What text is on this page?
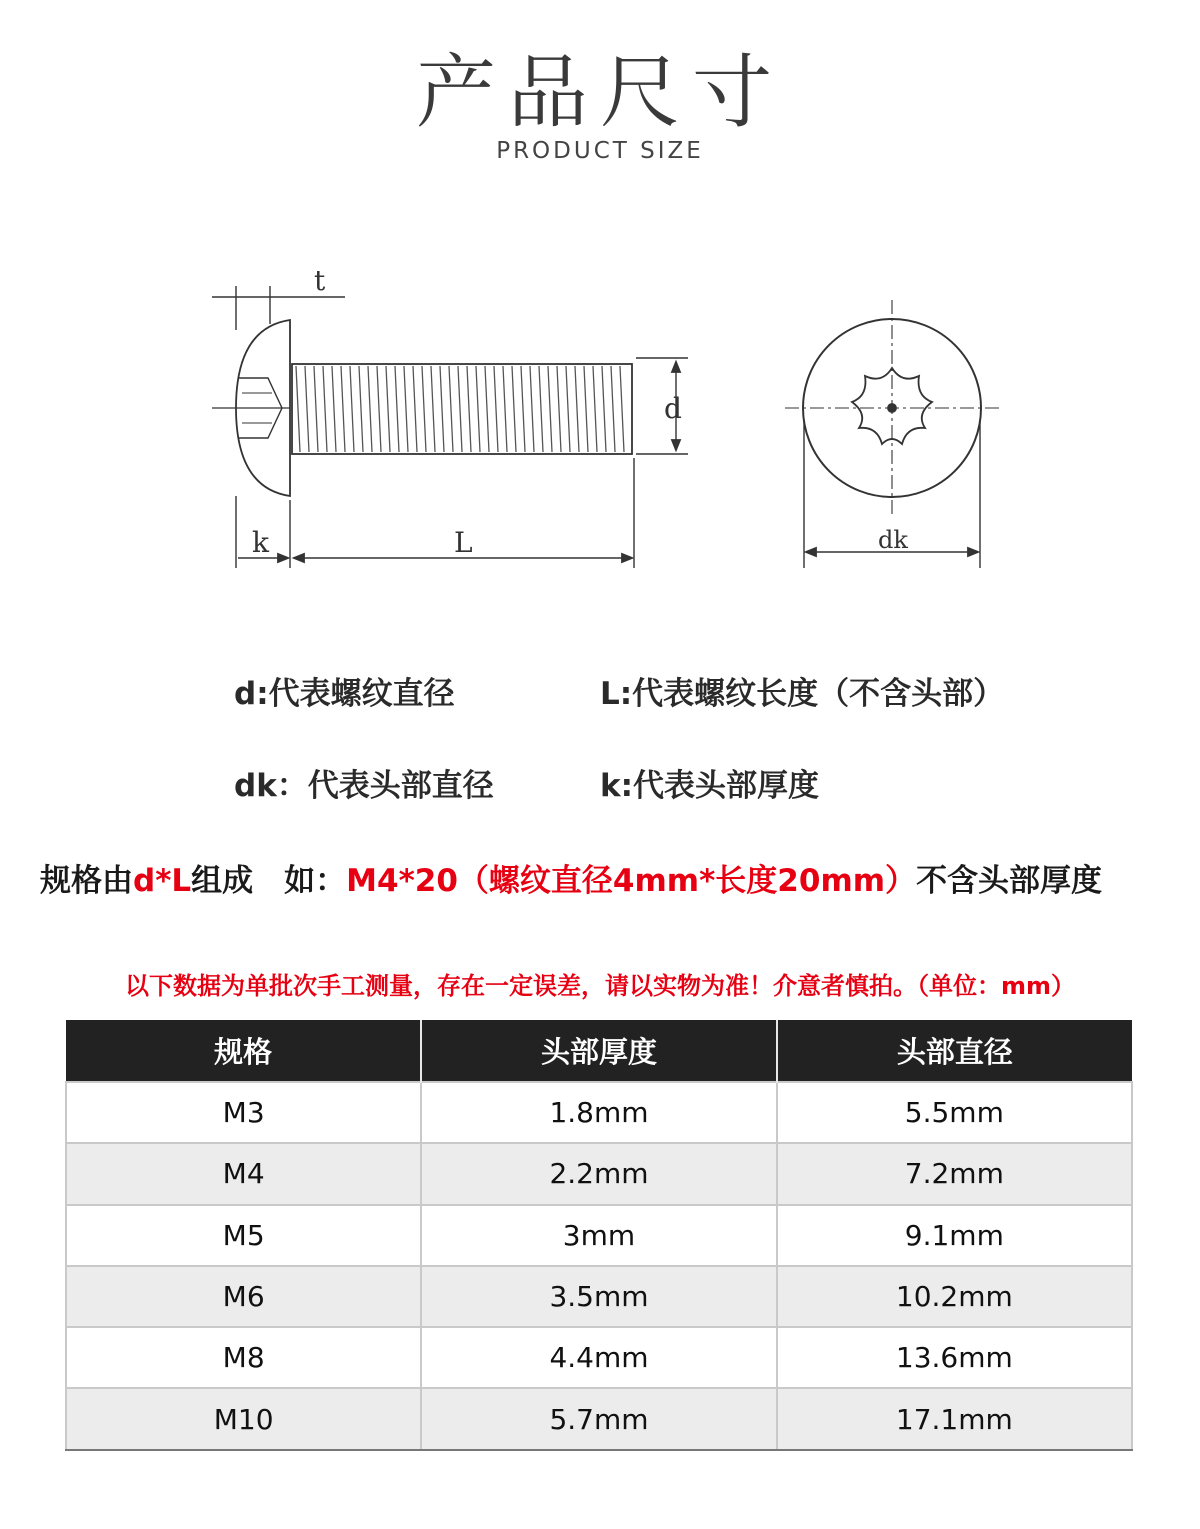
产品尺寸
PRODUCT SIZE
t
d
k	L	dk
d:代表螺纹直径	L:代表螺纹长度（不含头部）
dk：代表头部直径	k:代表头部厚度
规格由d*L组成　如：M4*20（螺纹直径4mm*长度20mm）不含头部厚度
以下数据为单批次手工测量，存在一定误差，请以实物为准！介意者慎拍。（单位：mm）
规格	头部厚度	头部直径
M3	1.8mm	5.5mm
M4	2.2mm	7.2mm
M5	3mm	9.1mm
M6	3.5mm	10.2mm
M8	4.4mm	13.6mm
M10	5.7mm	17.1mm
